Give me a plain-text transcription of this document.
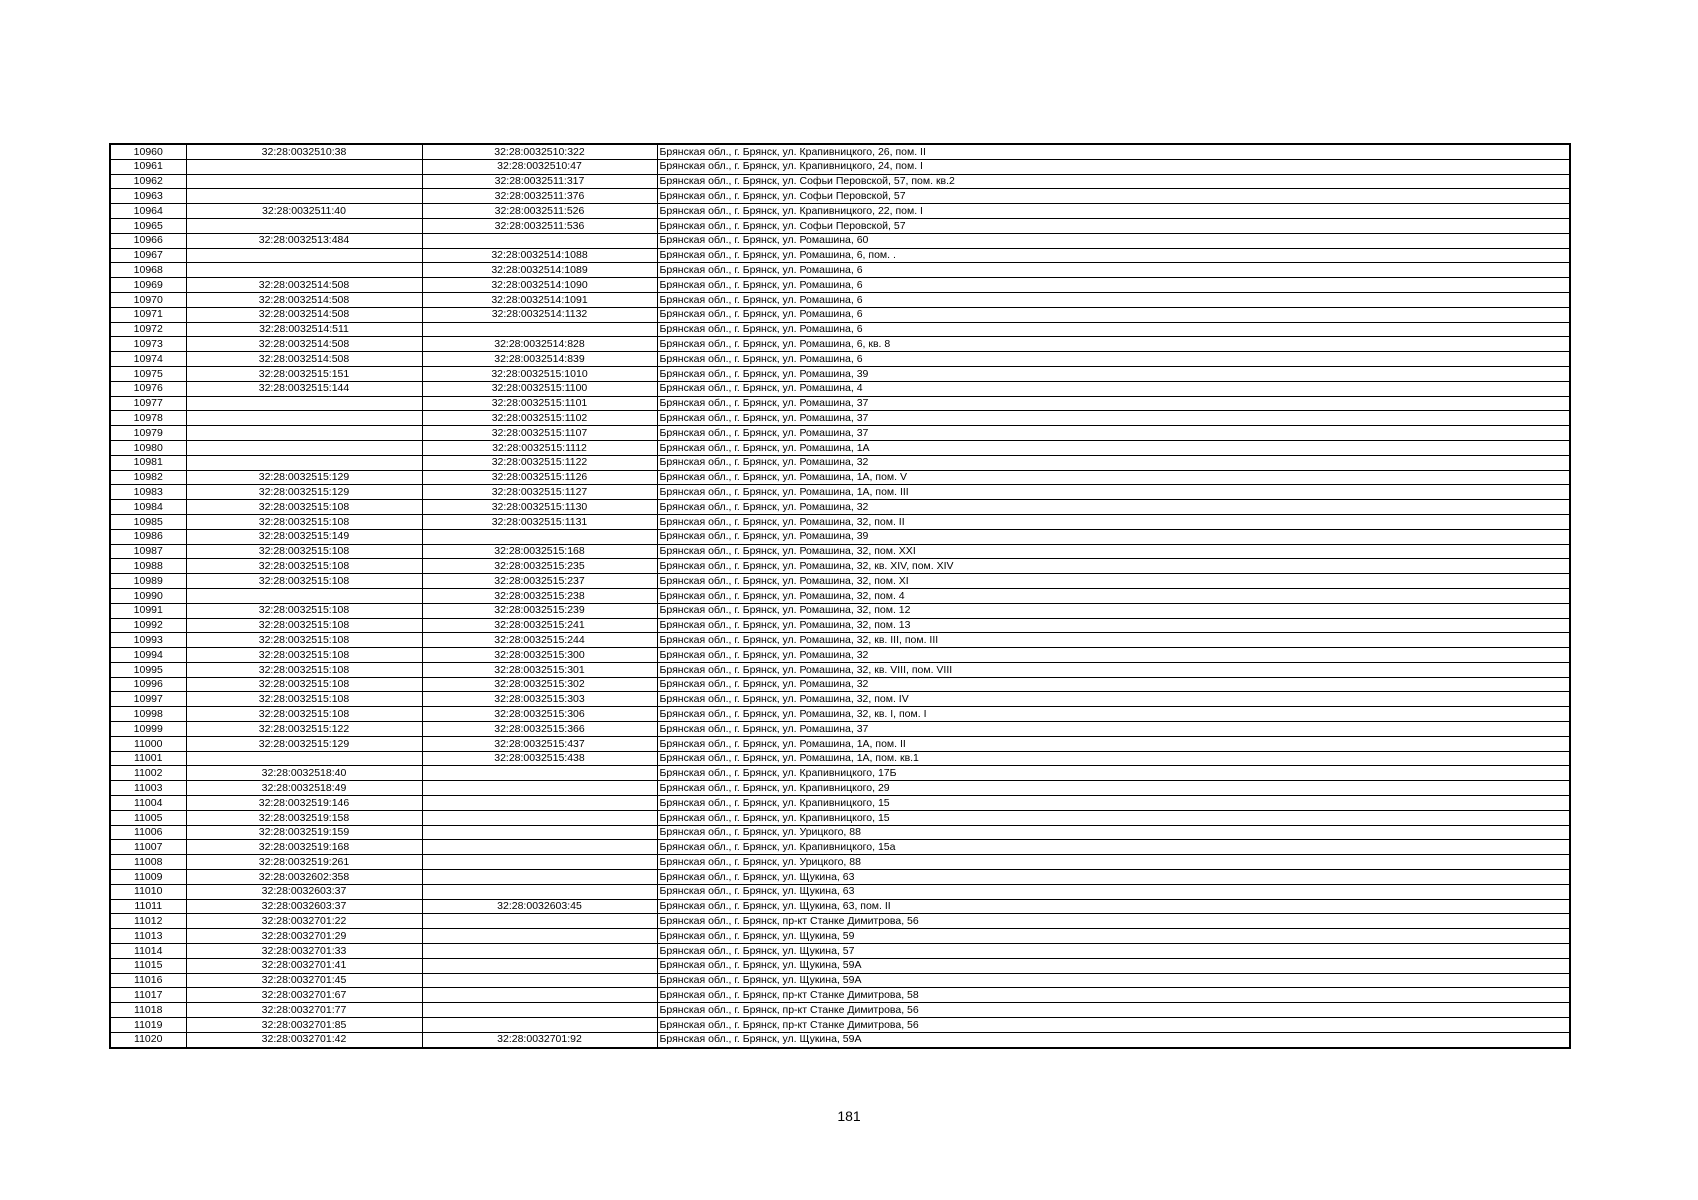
10960	32:28:0032510:38	32:28:0032510:322	Брянская обл., г. Брянск, ул. Крапивницкого, 26, пом. II
10961		32:28:0032510:47	Брянская обл., г. Брянск, ул. Крапивницкого, 24, пом. I
10962		32:28:0032511:317	Брянская обл., г. Брянск, ул. Софьи Перовской, 57, пом. кв.2
10963		32:28:0032511:376	Брянская обл., г. Брянск, ул. Софьи Перовской, 57
10964	32:28:0032511:40	32:28:0032511:526	Брянская обл., г. Брянск, ул. Крапивницкого, 22, пом. I
10965		32:28:0032511:536	Брянская обл., г. Брянск, ул. Софьи Перовской, 57
10966	32:28:0032513:484		Брянская обл., г. Брянск, ул. Ромашина, 60
10967		32:28:0032514:1088	Брянская обл., г. Брянск, ул. Ромашина, 6, пом. .
10968		32:28:0032514:1089	Брянская обл., г. Брянск, ул. Ромашина, 6
10969	32:28:0032514:508	32:28:0032514:1090	Брянская обл., г. Брянск, ул. Ромашина, 6
10970	32:28:0032514:508	32:28:0032514:1091	Брянская обл., г. Брянск, ул. Ромашина, 6
10971	32:28:0032514:508	32:28:0032514:1132	Брянская обл., г. Брянск, ул. Ромашина, 6
10972	32:28:0032514:511		Брянская обл., г. Брянск, ул. Ромашина, 6
10973	32:28:0032514:508	32:28:0032514:828	Брянская обл., г. Брянск, ул. Ромашина, 6, кв. 8
10974	32:28:0032514:508	32:28:0032514:839	Брянская обл., г. Брянск, ул. Ромашина, 6
10975	32:28:0032515:151	32:28:0032515:1010	Брянская обл., г. Брянск, ул. Ромашина, 39
10976	32:28:0032515:144	32:28:0032515:1100	Брянская обл., г. Брянск, ул. Ромашина, 4
10977		32:28:0032515:1101	Брянская обл., г. Брянск, ул. Ромашина, 37
10978		32:28:0032515:1102	Брянская обл., г. Брянск, ул. Ромашина, 37
10979		32:28:0032515:1107	Брянская обл., г. Брянск, ул. Ромашина, 37
10980		32:28:0032515:1112	Брянская обл., г. Брянск, ул. Ромашина, 1А
10981		32:28:0032515:1122	Брянская обл., г. Брянск, ул. Ромашина, 32
10982	32:28:0032515:129	32:28:0032515:1126	Брянская обл., г. Брянск, ул. Ромашина, 1А, пом. V
10983	32:28:0032515:129	32:28:0032515:1127	Брянская обл., г. Брянск, ул. Ромашина, 1А, пом. III
10984	32:28:0032515:108	32:28:0032515:1130	Брянская обл., г. Брянск, ул. Ромашина, 32
10985	32:28:0032515:108	32:28:0032515:1131	Брянская обл., г. Брянск, ул. Ромашина, 32, пом. II
10986	32:28:0032515:149		Брянская обл., г. Брянск, ул. Ромашина, 39
10987	32:28:0032515:108	32:28:0032515:168	Брянская обл., г. Брянск, ул. Ромашина, 32, пом. XXI
10988	32:28:0032515:108	32:28:0032515:235	Брянская обл., г. Брянск, ул. Ромашина, 32, кв. XIV, пом. XIV
10989	32:28:0032515:108	32:28:0032515:237	Брянская обл., г. Брянск, ул. Ромашина, 32, пом. XI
10990		32:28:0032515:238	Брянская обл., г. Брянск, ул. Ромашина, 32, пом. 4
10991	32:28:0032515:108	32:28:0032515:239	Брянская обл., г. Брянск, ул. Ромашина, 32, пом. 12
10992	32:28:0032515:108	32:28:0032515:241	Брянская обл., г. Брянск, ул. Ромашина, 32, пом. 13
10993	32:28:0032515:108	32:28:0032515:244	Брянская обл., г. Брянск, ул. Ромашина, 32, кв. III, пом. III
10994	32:28:0032515:108	32:28:0032515:300	Брянская обл., г. Брянск, ул. Ромашина, 32
10995	32:28:0032515:108	32:28:0032515:301	Брянская обл., г. Брянск, ул. Ромашина, 32, кв. VIII, пом. VIII
10996	32:28:0032515:108	32:28:0032515:302	Брянская обл., г. Брянск, ул. Ромашина, 32
10997	32:28:0032515:108	32:28:0032515:303	Брянская обл., г. Брянск, ул. Ромашина, 32, пом. IV
10998	32:28:0032515:108	32:28:0032515:306	Брянская обл., г. Брянск, ул. Ромашина, 32, кв. I, пом. I
10999	32:28:0032515:122	32:28:0032515:366	Брянская обл., г. Брянск, ул. Ромашина, 37
11000	32:28:0032515:129	32:28:0032515:437	Брянская обл., г. Брянск, ул. Ромашина, 1А, пом. II
11001		32:28:0032515:438	Брянская обл., г. Брянск, ул. Ромашина, 1А, пом. кв.1
11002	32:28:0032518:40		Брянская обл., г. Брянск, ул. Крапивницкого, 17Б
11003	32:28:0032518:49		Брянская обл., г. Брянск, ул. Крапивницкого, 29
11004	32:28:0032519:146		Брянская обл., г. Брянск, ул. Крапивницкого, 15
11005	32:28:0032519:158		Брянская обл., г. Брянск, ул. Крапивницкого, 15
11006	32:28:0032519:159		Брянская обл., г. Брянск, ул. Урицкого, 88
11007	32:28:0032519:168		Брянская обл., г. Брянск, ул. Крапивницкого, 15а
11008	32:28:0032519:261		Брянская обл., г. Брянск, ул. Урицкого, 88
11009	32:28:0032602:358		Брянская обл., г. Брянск, ул. Щукина, 63
11010	32:28:0032603:37		Брянская обл., г. Брянск, ул. Щукина, 63
11011	32:28:0032603:37	32:28:0032603:45	Брянская обл., г. Брянск, ул. Щукина, 63, пом. II
11012	32:28:0032701:22		Брянская обл., г. Брянск, пр-кт Станке Димитрова, 56
11013	32:28:0032701:29		Брянская обл., г. Брянск, ул. Щукина, 59
11014	32:28:0032701:33		Брянская обл., г. Брянск, ул. Щукина, 57
11015	32:28:0032701:41		Брянская обл., г. Брянск, ул. Щукина, 59А
11016	32:28:0032701:45		Брянская обл., г. Брянск, ул. Щукина, 59А
11017	32:28:0032701:67		Брянская обл., г. Брянск, пр-кт Станке Димитрова, 58
11018	32:28:0032701:77		Брянская обл., г. Брянск, пр-кт Станке Димитрова, 56
11019	32:28:0032701:85		Брянская обл., г. Брянск, пр-кт Станке Димитрова, 56
11020	32:28:0032701:42	32:28:0032701:92	Брянская обл., г. Брянск, ул. Щукина, 59А
181
